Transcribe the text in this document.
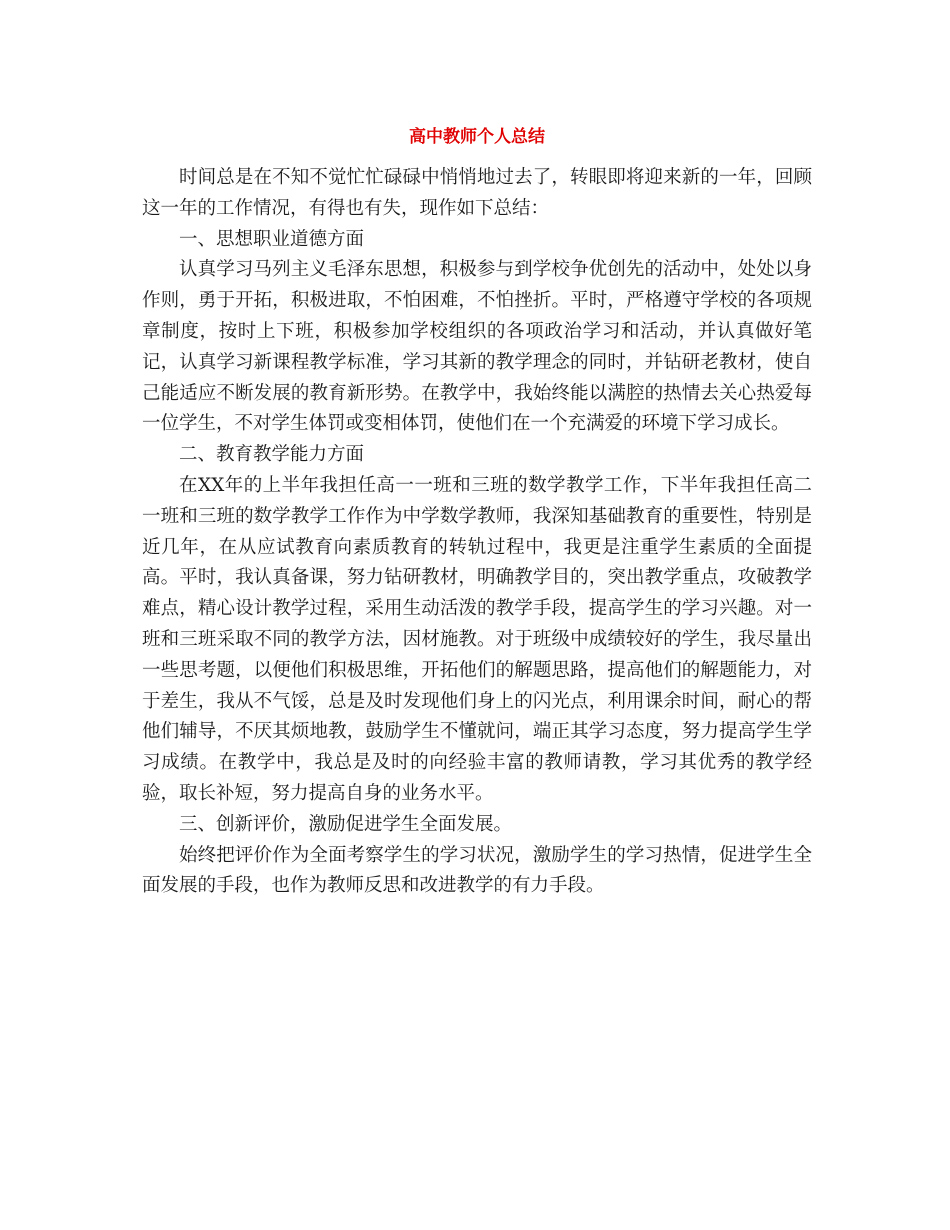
高中教师个人总结

时间总是在不知不觉忙忙碌碌中悄悄地过去了，转眼即将迎来新的一年，回顾这一年的工作情况，有得也有失，现作如下总结：

一、思想职业道德方面

认真学习马列主义毛泽东思想，积极参与到学校争优创先的活动中，处处以身作则，勇于开拓，积极进取，不怕困难，不怕挫折。平时，严格遵守学校的各项规章制度，按时上下班，积极参加学校组织的各项政治学习和活动，并认真做好笔记，认真学习新课程教学标准，学习其新的教学理念的同时，并钻研老教材，使自己能适应不断发展的教育新形势。在教学中，我始终能以满腔的热情去关心热爱每一位学生，不对学生体罚或变相体罚，使他们在一个充满爱的环境下学习成长。

二、教育教学能力方面

在XX年的上半年我担任高一一班和三班的数学教学工作，下半年我担任高二一班和三班的数学教学工作作为中学数学教师，我深知基础教育的重要性，特别是近几年，在从应试教育向素质教育的转轨过程中，我更是注重学生素质的全面提高。平时，我认真备课，努力钻研教材，明确教学目的，突出教学重点，攻破教学难点，精心设计教学过程，采用生动活泼的教学手段，提高学生的学习兴趣。对一班和三班采取不同的教学方法，因材施教。对于班级中成绩较好的学生，我尽量出一些思考题，以便他们积极思维，开拓他们的解题思路，提高他们的解题能力，对于差生，我从不气馁，总是及时发现他们身上的闪光点，利用课余时间，耐心的帮他们辅导，不厌其烦地教，鼓励学生不懂就问，端正其学习态度，努力提高学生学习成绩。在教学中，我总是及时的向经验丰富的教师请教，学习其优秀的教学经验，取长补短，努力提高自身的业务水平。

三、创新评价，激励促进学生全面发展。

始终把评价作为全面考察学生的学习状况，激励学生的学习热情，促进学生全面发展的手段，也作为教师反思和改进教学的有力手段。
